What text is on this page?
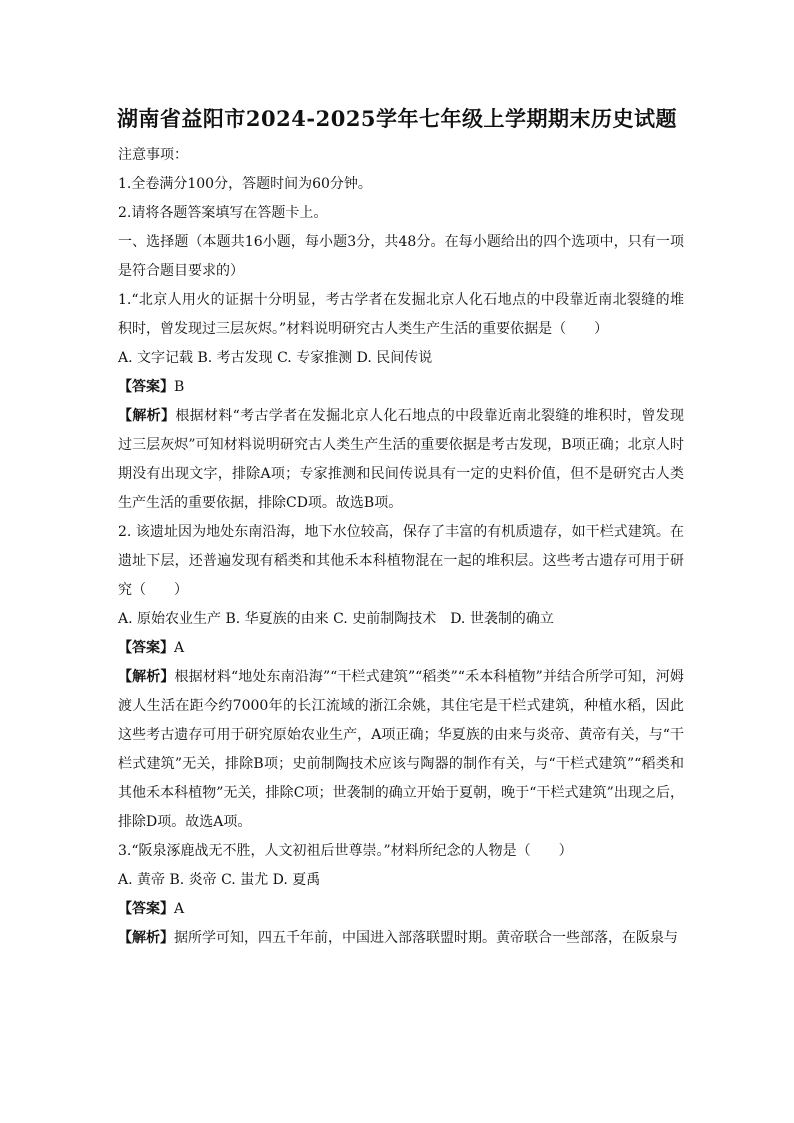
湖南省益阳市2024-2025学年七年级上学期期末历史试题

注意事项：

1.全卷满分100分，答题时间为60分钟。

2.请将各题答案填写在答题卡上。

一、选择题（本题共16小题，每小题3分，共48分。在每小题给出的四个选项中，只有一项是符合题目要求的）

1.“北京人用火的证据十分明显，考古学者在发掘北京人化石地点的中段靠近南北裂缝的堆积时，曾发现过三层灰烬。”材料说明研究古人类生产生活的重要依据是（　　）

A. 文字记载 B. 考古发现 C. 专家推测 D. 民间传说

【答案】B

【解析】根据材料“考古学者在发掘北京人化石地点的中段靠近南北裂缝的堆积时，曾发现过三层灰烬”可知材料说明研究古人类生产生活的重要依据是考古发现，B项正确；北京人时期没有出现文字，排除A项；专家推测和民间传说具有一定的史料价值，但不是研究古人类生产生活的重要依据，排除CD项。故选B项。

2. 该遗址因为地处东南沿海，地下水位较高，保存了丰富的有机质遗存，如干栏式建筑。在遗址下层，还普遍发现有稻类和其他禾本科植物混在一起的堆积层。这些考古遗存可用于研究（　　）

A. 原始农业生产 B. 华夏族的由来 C. 史前制陶技术　D. 世袭制的确立

【答案】A

【解析】根据材料“地处东南沿海”“干栏式建筑”“稻类”“禾本科植物”并结合所学可知，河姆渡人生活在距今约7000年的长江流域的浙江余姚，其住宅是干栏式建筑，种植水稻，因此这些考古遗存可用于研究原始农业生产，A项正确；华夏族的由来与炎帝、黄帝有关，与“干栏式建筑”无关，排除B项；史前制陶技术应该与陶器的制作有关，与“干栏式建筑”“稻类和其他禾本科植物”无关，排除C项；世袭制的确立开始于夏朝，晚于“干栏式建筑”出现之后，排除D项。故选A项。

3.“阪泉涿鹿战无不胜，人文初祖后世尊崇。”材料所纪念的人物是（　　）

A. 黄帝 B. 炎帝 C. 蚩尤 D. 夏禹

【答案】A

【解析】据所学可知，四五千年前，中国进入部落联盟时期。黄帝联合一些部落，在阪泉与
